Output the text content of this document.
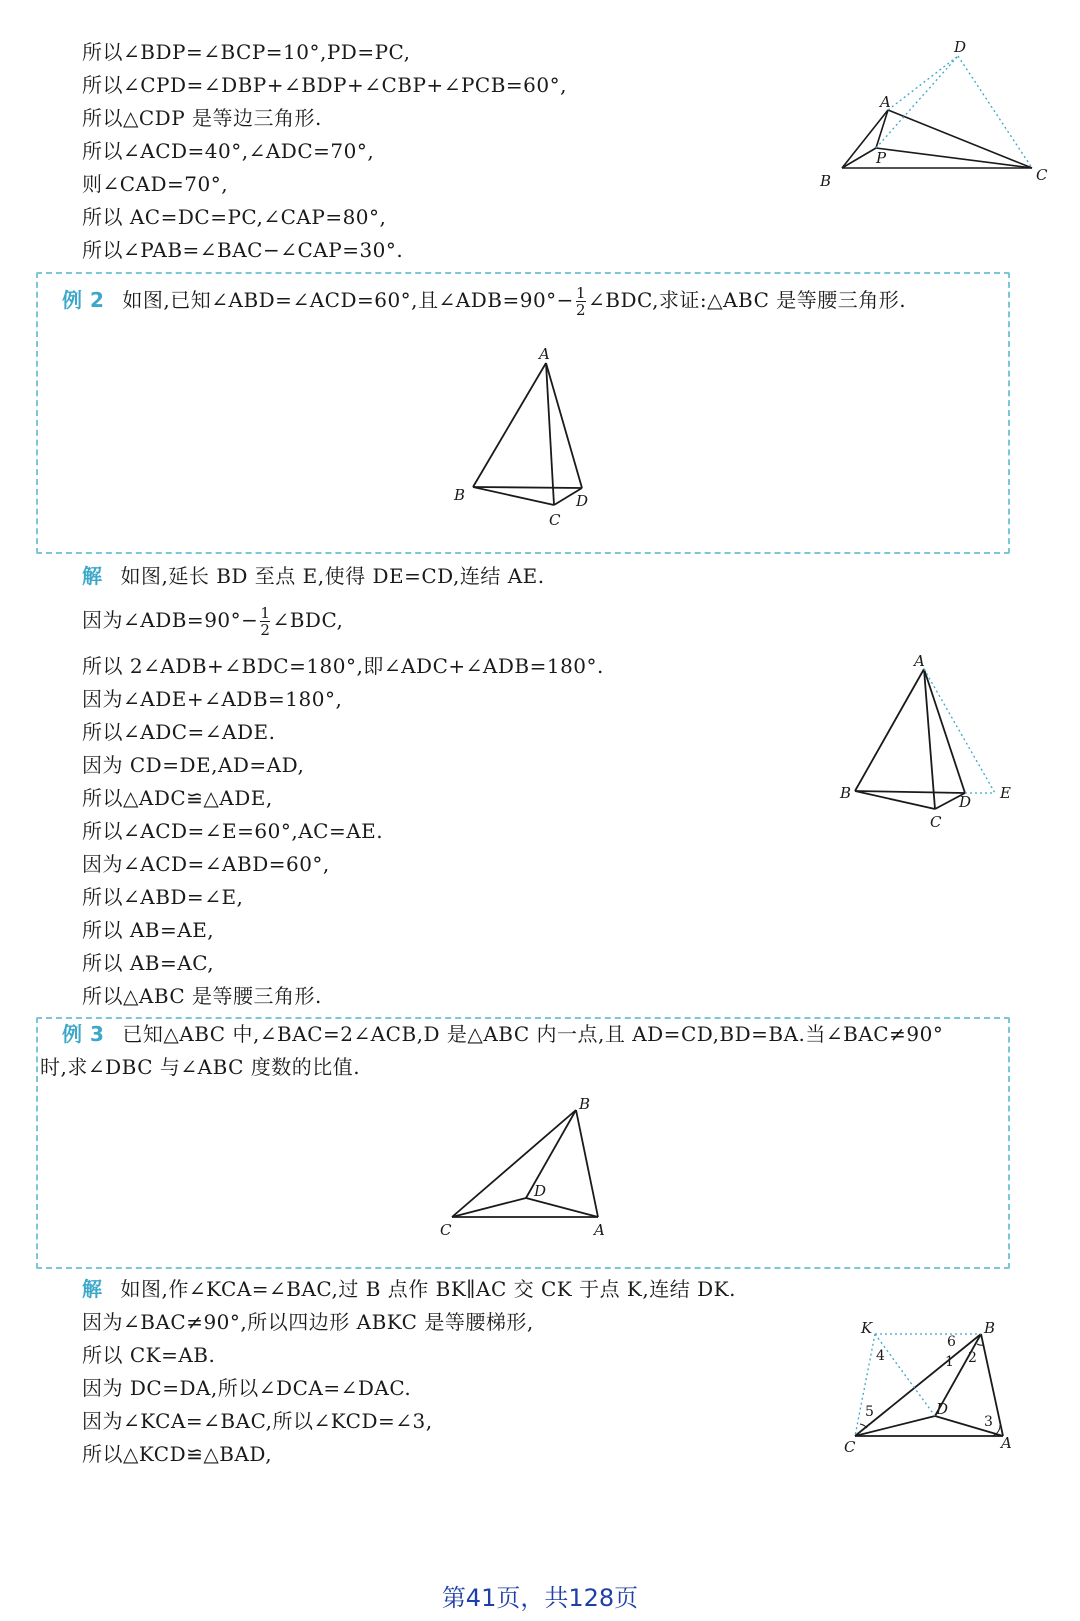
所以∠BDP=∠BCP=10°,PD=PC,
所以∠CPD=∠DBP+∠BDP+∠CBP+∠PCB=60°,
所以△CDP 是等边三角形.
所以∠ACD=40°,∠ADC=70°,
则∠CAD=70°,
所以 AC=DC=PC,∠CAP=80°,
所以∠PAB=∠BAC−∠CAP=30°.
D
A
P
B	C
例 2 如图,已知∠ABD=∠ACD=60°,且∠ADB=90°− $\frac{1}{2}$ ∠BDC,求证:△ABC 是等腰三角形.
A
B
C
D
解 如图,延长 BD 至点 E,使得 DE=CD,连结 AE.
因为∠ADB=90°− $\frac{1}{2}$ ∠BDC,
所以 2∠ADB+∠BDC=180°,即∠ADC+∠ADB=180°.
因为∠ADE+∠ADB=180°,
所以∠ADC=∠ADE.
因为 CD=DE,AD=AD,
所以△ADC≌△ADE,
所以∠ACD=∠E=60°,AC=AE.
因为∠ACD=∠ABD=60°,
所以∠ABD=∠E,
所以 AB=AE,
所以 AB=AC,
所以△ABC 是等腰三角形.
A
B
C
D E
例 3 已知△ABC 中,∠BAC=2∠ACB,D 是△ABC 内一点,且 AD=CD,BD=BA.当∠BAC≠90°
时,求∠DBC 与∠ABC 度数的比值.
B
D
C	A
解 如图,作∠KCA=∠BAC,过 B 点作 BK∥AC 交 CK 于点 K,连结 DK.
因为∠BAC≠90°,所以四边形 ABKC 是等腰梯形,
所以 CK=AB.
因为 DC=DA,所以∠DCA=∠DAC.
因为∠KCA=∠BAC,所以∠KCD=∠3,
所以△KCD≌△BAD,
K	B
D
C	A
1 2
3
4
5
6
第41页，共128页
